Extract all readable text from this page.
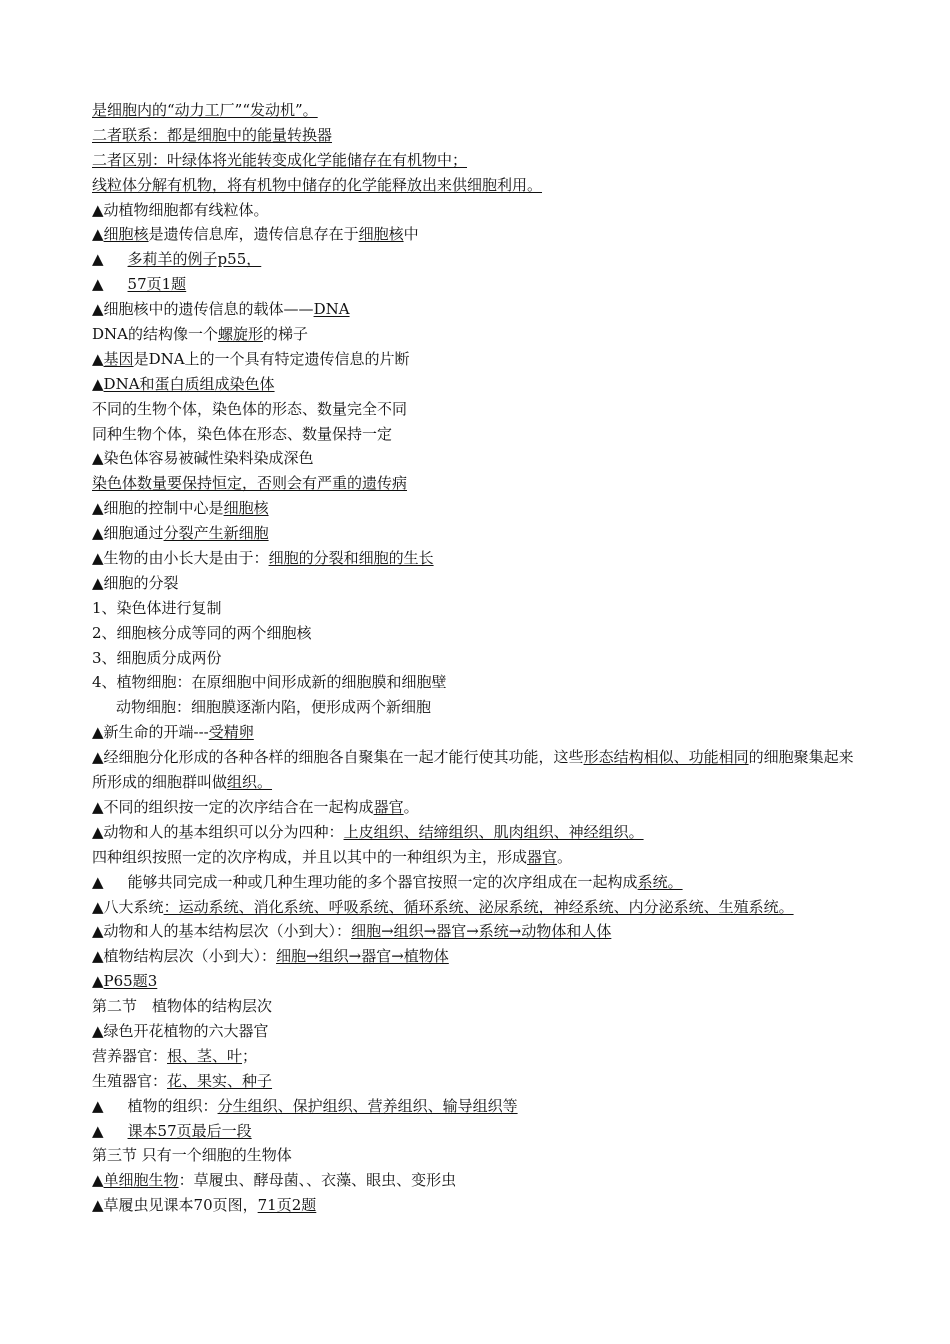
是细胞内的“动力工厂”“发动机”。
二者联系：都是细胞中的能量转换器
二者区别：叶绿体将光能转变成化学能储存在有机物中；
线粒体分解有机物，将有机物中储存的化学能释放出来供细胞利用。
▲动植物细胞都有线粒体。
▲细胞核是遗传信息库，遗传信息存在于细胞核中
▲ 多莉羊的例子p55，
▲ 57页1题
▲细胞核中的遗传信息的载体——DNA
DNA的结构像一个螺旋形的梯子
▲基因是DNA上的一个具有特定遗传信息的片断
▲DNA和蛋白质组成染色体
不同的生物个体，染色体的形态、数量完全不同
同种生物个体，染色体在形态、数量保持一定
▲染色体容易被碱性染料染成深色
染色体数量要保持恒定，否则会有严重的遗传病
▲细胞的控制中心是细胞核
▲细胞通过分裂产生新细胞
▲生物的由小长大是由于：细胞的分裂和细胞的生长
▲细胞的分裂
1、染色体进行复制
2、细胞核分成等同的两个细胞核
3、细胞质分成两份
4、植物细胞：在原细胞中间形成新的细胞膜和细胞壁
动物细胞：细胞膜逐渐内陷，便形成两个新细胞
▲新生命的开端---受精卵
▲经细胞分化形成的各种各样的细胞各自聚集在一起才能行使其功能，这些形态结构相似、功能相同的细胞聚集起来所形成的细胞群叫做组织。
▲不同的组织按一定的次序结合在一起构成器官。
▲动物和人的基本组织可以分为四种：上皮组织、结缔组织、肌肉组织、神经组织。
四种组织按照一定的次序构成，并且以其中的一种组织为主，形成器官。
▲ 能够共同完成一种或几种生理功能的多个器官按照一定的次序组成在一起构成系统。
▲八大系统：运动系统、消化系统、呼吸系统、循环系统、泌尿系统，神经系统、内分泌系统、生殖系统。
▲动物和人的基本结构层次（小到大）：细胞→组织→器官→系统→动物体和人体
▲植物结构层次（小到大）：细胞→组织→器官→植物体
▲P65题3
第二节　植物体的结构层次
▲绿色开花植物的六大器官
营养器官：根、茎、叶；
生殖器官：花、果实、种子
▲ 植物的组织：分生组织、保护组织、营养组织、输导组织等
▲ 课本57页最后一段
第三节 只有一个细胞的生物体
▲单细胞生物：草履虫、酵母菌、、衣藻、眼虫、变形虫
▲草履虫见课本70页图，71页2题
